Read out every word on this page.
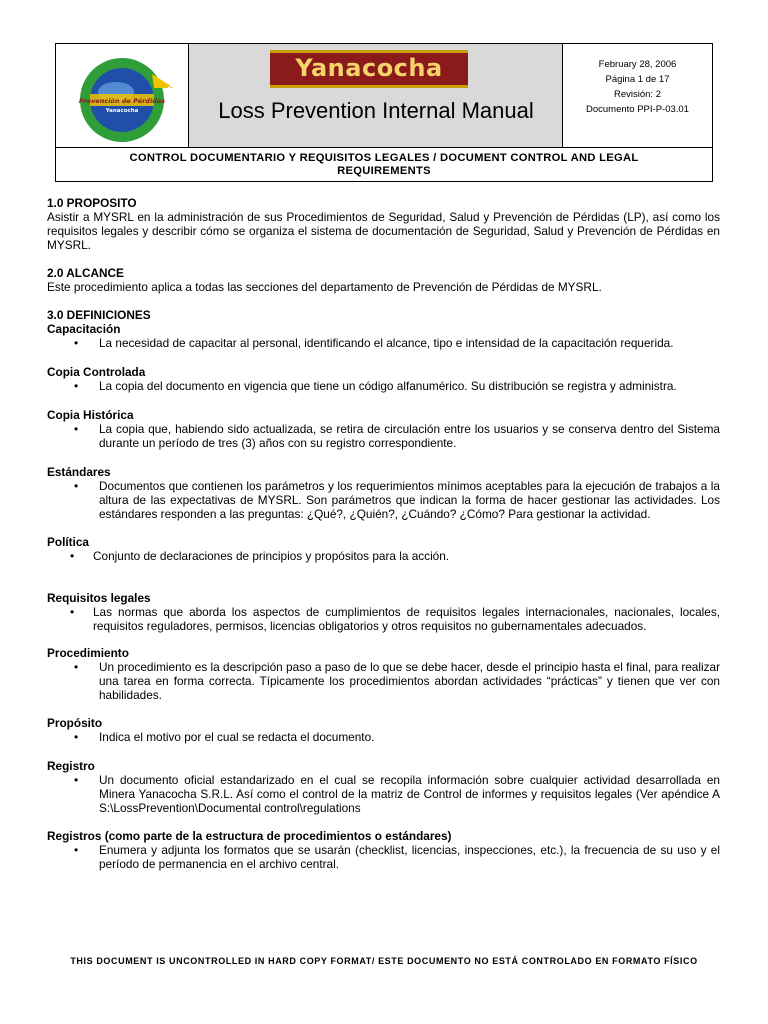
Trabajo seguro
Trabajo bien
Todos los días
Prevención de Pérdidas
Yanacocha
Yanacocha
Loss Prevention Internal Manual
February 28, 2006
Página 1 de 17
Revisión: 2
Documento PPI-P-03.01
CONTROL DOCUMENTARIO Y REQUISITOS LEGALES / DOCUMENT CONTROL AND LEGAL
REQUIREMENTS

1.0 PROPOSITO

Asistir a MYSRL en la administración de sus Procedimientos de Seguridad, Salud y Prevención de Pérdidas (LP), así como los requisitos legales y describir cómo se organiza el sistema de documentación de Seguridad, Salud y Prevención de Pérdidas en MYSRL.

2.0 ALCANCE

Este procedimiento aplica a todas las secciones del departamento de Prevención de Pérdidas de MYSRL.

3.0 DEFINICIONES

Capacitación

• La necesidad de capacitar al personal, identificando el alcance, tipo e intensidad de la capacitación requerida.

Copia Controlada

• La copia del documento en vigencia que tiene un código alfanumérico. Su distribución se registra y administra.

Copia Histórica

• La copia que, habiendo sido actualizada, se retira de circulación entre los usuarios y se conserva dentro del Sistema durante un período de tres (3) años con su registro correspondiente.

Estándares

• Documentos que contienen los parámetros y los requerimientos mínimos aceptables para la ejecución de trabajos a la altura de las expectativas de MYSRL. Son parámetros que indican la forma de hacer gestionar las actividades. Los estándares responden a las preguntas: ¿Qué?, ¿Quién?, ¿Cuándo? ¿Cómo? Para gestionar la actividad.

Política

• Conjunto de declaraciones de principios y propósitos para la acción.

Requisitos legales

• Las normas que aborda los aspectos de cumplimientos de requisitos legales internacionales, nacionales, locales, requisitos reguladores, permisos, licencias obligatorios y otros requisitos no gubernamentales adecuados.

Procedimiento

• Un procedimiento es la descripción paso a paso de lo que se debe hacer, desde el principio hasta el final, para realizar una tarea en forma correcta. Típicamente los procedimientos abordan actividades “prácticas” y tienen que ver con habilidades.

Propósito

• Indica el motivo por el cual se redacta el documento.

Registro

• Un documento oficial estandarizado en el cual se recopila información sobre cualquier actividad desarrollada en Minera Yanacocha S.R.L. Así como el control de la matriz de Control de informes y requisitos legales (Ver apéndice A S:\LossPrevention\Documental control\regulations

Registros (como parte de la estructura de procedimientos o estándares)

• Enumera y adjunta los formatos que se usarán (checklist, licencias, inspecciones, etc.), la frecuencia de su uso y el período de permanencia en el archivo central.

THIS DOCUMENT IS UNCONTROLLED IN HARD COPY FORMAT/ ESTE DOCUMENTO NO ESTÁ CONTROLADO EN FORMATO FÍSICO
